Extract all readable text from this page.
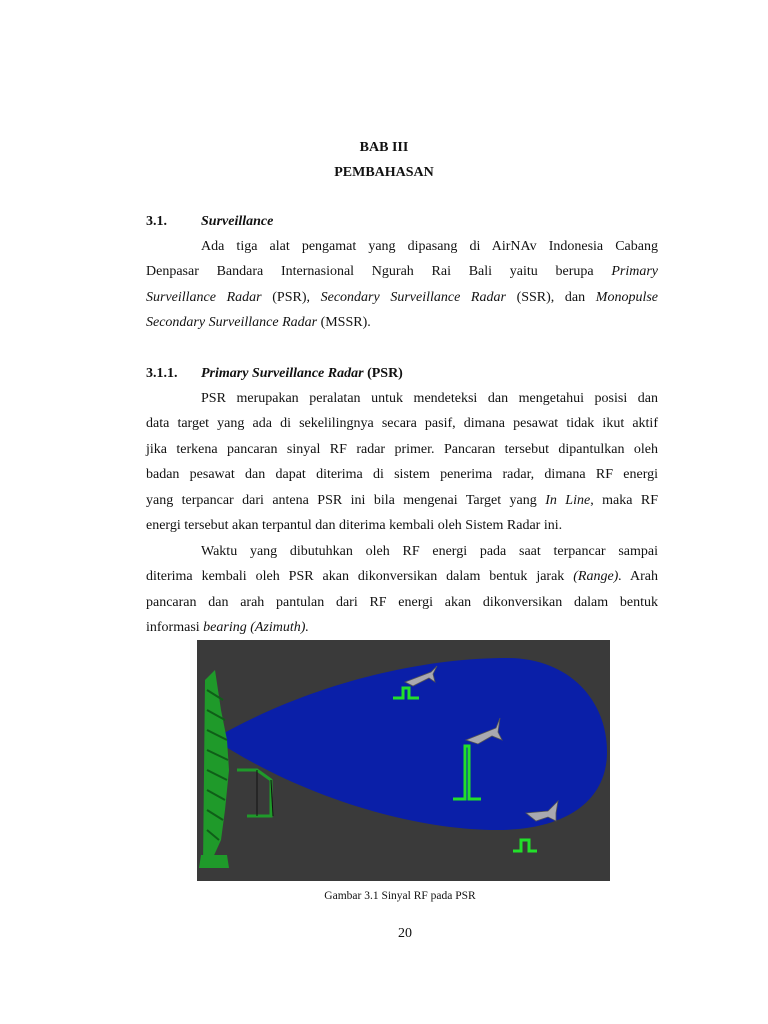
BAB III
PEMBAHASAN
3.1. Surveillance
Ada tiga alat pengamat yang dipasang di AirNAv Indonesia Cabang
Denpasar Bandara Internasional Ngurah Rai Bali yaitu berupa Primary
Surveillance Radar (PSR), Secondary Surveillance Radar (SSR), dan Monopulse
Secondary Surveillance Radar (MSSR).
3.1.1. Primary Surveillance Radar (PSR)
PSR merupakan peralatan untuk mendeteksi dan mengetahui posisi dan
data target yang ada di sekelilingnya secara pasif, dimana pesawat tidak ikut aktif
jika terkena pancaran sinyal RF radar primer. Pancaran tersebut dipantulkan oleh
badan pesawat dan dapat diterima di sistem penerima radar, dimana RF energi
yang terpancar dari antena PSR ini bila mengenai Target yang In Line, maka RF
energi tersebut akan terpantul dan diterima kembali oleh Sistem Radar ini.
Waktu yang dibutuhkan oleh RF energi pada saat terpancar sampai
diterima kembali oleh PSR akan dikonversikan dalam bentuk jarak (Range). Arah
pancaran dan arah pantulan dari RF energi akan dikonversikan dalam bentuk
informasi bearing (Azimuth).
Gambar 3.1 Sinyal RF pada PSR
20
